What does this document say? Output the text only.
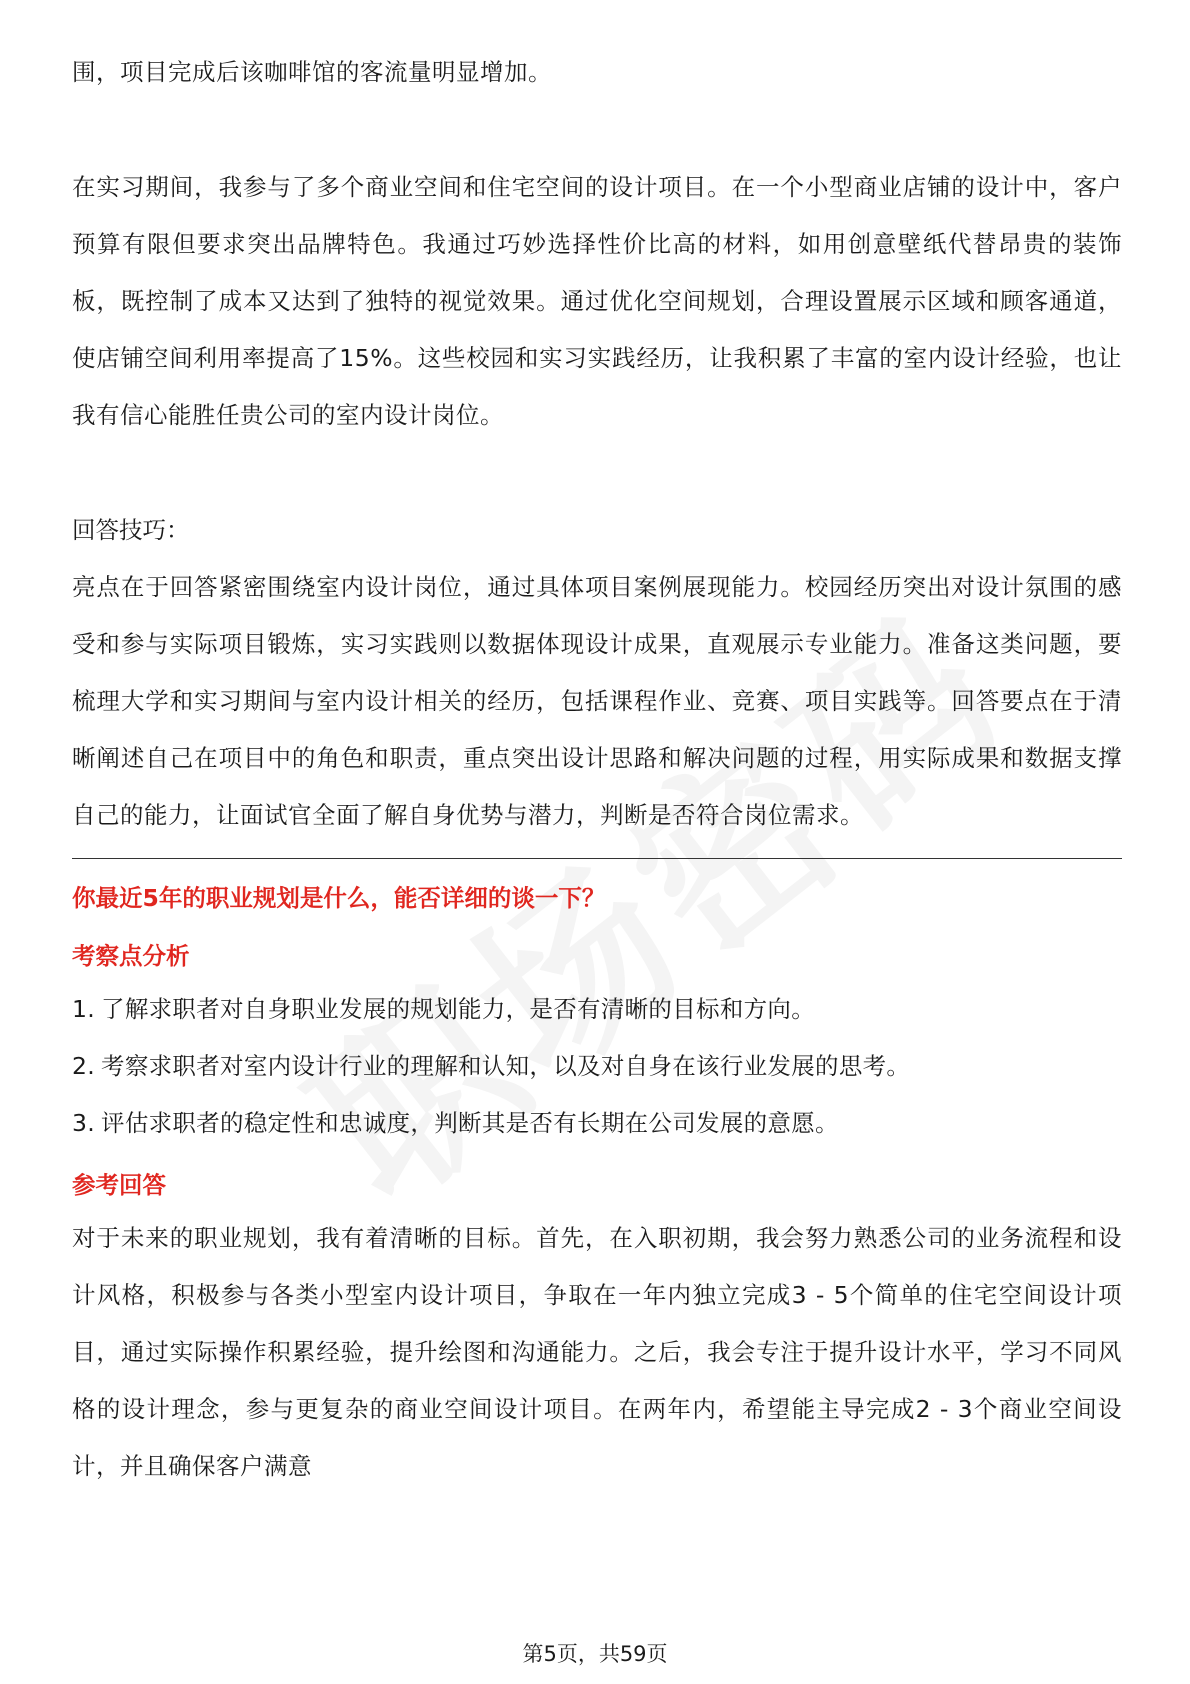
围，项目完成后该咖啡馆的客流量明显增加。

在实习期间，我参与了多个商业空间和住宅空间的设计项目。在一个小型商业店铺的设计中，客户预算有限但要求突出品牌特色。我通过巧妙选择性价比高的材料，如用创意壁纸代替昂贵的装饰板，既控制了成本又达到了独特的视觉效果。通过优化空间规划，合理设置展示区域和顾客通道，使店铺空间利用率提高了15%。这些校园和实习实践经历，让我积累了丰富的室内设计经验，也让我有信心能胜任贵公司的室内设计岗位。

回答技巧：

亮点在于回答紧密围绕室内设计岗位，通过具体项目案例展现能力。校园经历突出对设计氛围的感受和参与实际项目锻炼，实习实践则以数据体现设计成果，直观展示专业能力。准备这类问题，要梳理大学和实习期间与室内设计相关的经历，包括课程作业、竞赛、项目实践等。回答要点在于清晰阐述自己在项目中的角色和职责，重点突出设计思路和解决问题的过程，用实际成果和数据支撑自己的能力，让面试官全面了解自身优势与潜力，判断是否符合岗位需求。

你最近5年的职业规划是什么，能否详细的谈一下？
考察点分析
1. 了解求职者对自身职业发展的规划能力，是否有清晰的目标和方向。
2. 考察求职者对室内设计行业的理解和认知，以及对自身在该行业发展的思考。
3. 评估求职者的稳定性和忠诚度，判断其是否有长期在公司发展的意愿。
参考回答

对于未来的职业规划，我有着清晰的目标。首先，在入职初期，我会努力熟悉公司的业务流程和设计风格，积极参与各类小型室内设计项目，争取在一年内独立完成3 - 5个简单的住宅空间设计项目，通过实际操作积累经验，提升绘图和沟通能力。之后，我会专注于提升设计水平，学习不同风格的设计理念，参与更复杂的商业空间设计项目。在两年内，希望能主导完成2 - 3个商业空间设计，并且确保客户满意

第5页，共59页
